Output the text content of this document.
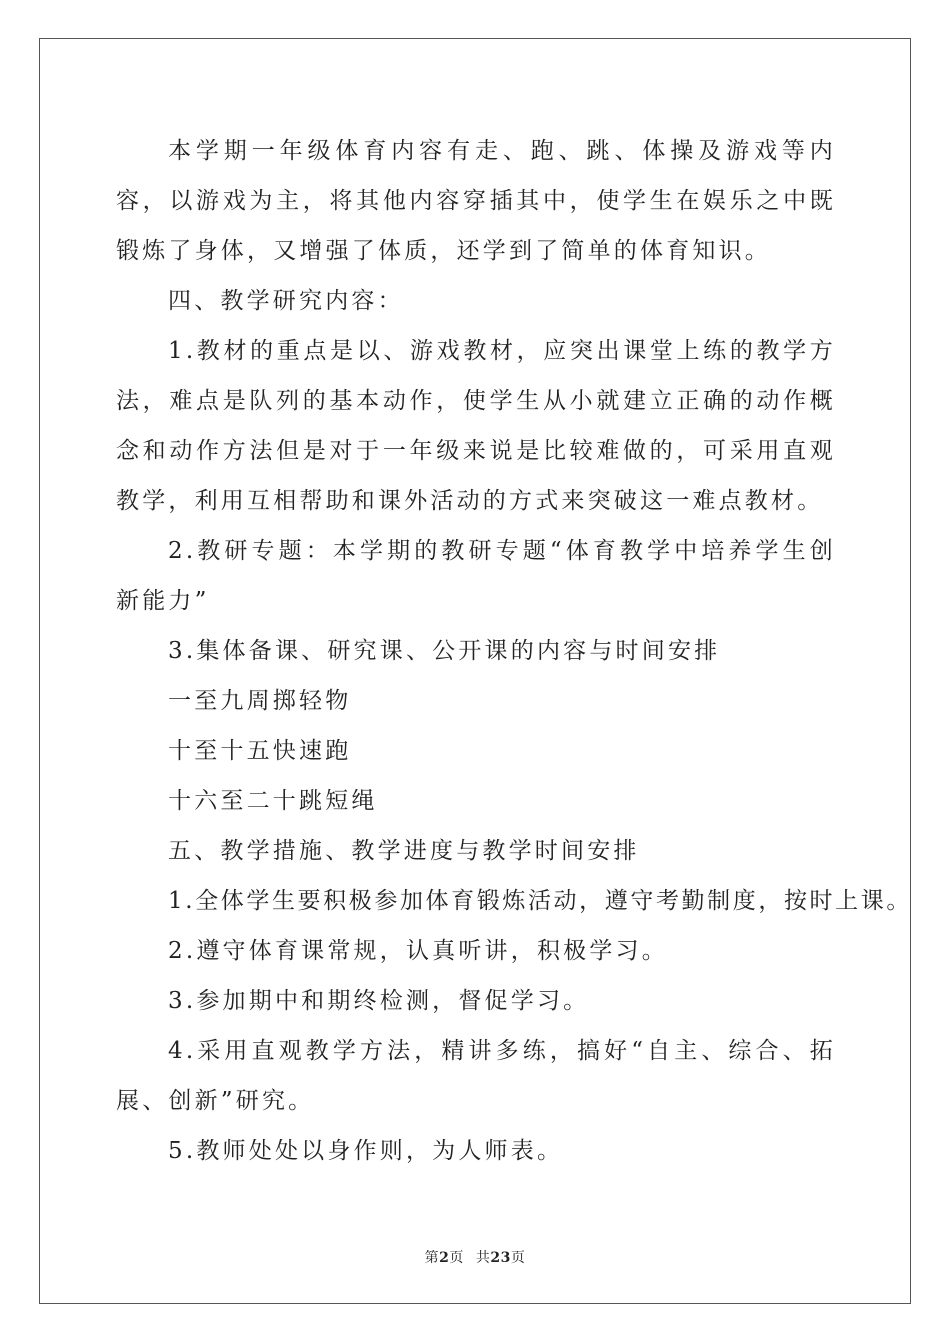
本学期一年级体育内容有走、跑、跳、体操及游戏等内容，以游戏为主，将其他内容穿插其中，使学生在娱乐之中既锻炼了身体，又增强了体质，还学到了简单的体育知识。

四、教学研究内容：

1.教材的重点是以、游戏教材，应突出课堂上练的教学方法，难点是队列的基本动作，使学生从小就建立正确的动作概念和动作方法但是对于一年级来说是比较难做的，可采用直观教学，利用互相帮助和课外活动的方式来突破这一难点教材。

2.教研专题：本学期的教研专题“体育教学中培养学生创新能力”

3.集体备课、研究课、公开课的内容与时间安排

一至九周掷轻物

十至十五快速跑

十六至二十跳短绳

五、教学措施、教学进度与教学时间安排

1.全体学生要积极参加体育锻炼活动，遵守考勤制度，按时上课。

2.遵守体育课常规，认真听讲，积极学习。

3.参加期中和期终检测，督促学习。

4.采用直观教学方法，精讲多练，搞好“自主、综合、拓展、创新”研究。

5.教师处处以身作则，为人师表。

第2页 共23页
